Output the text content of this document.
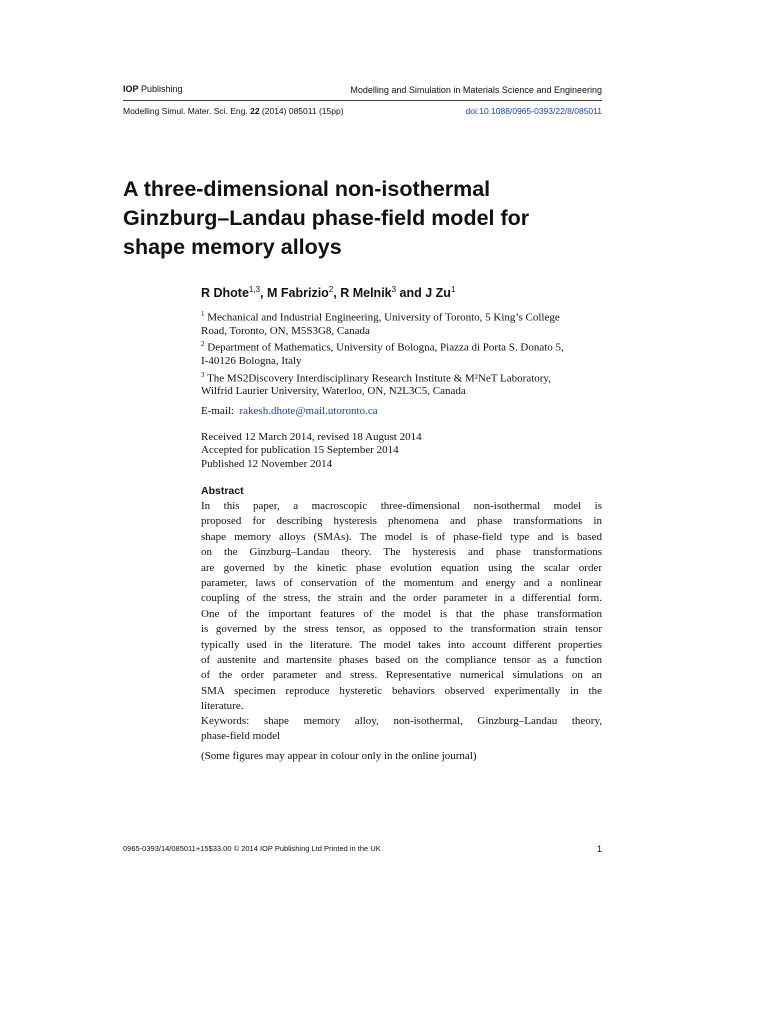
IOP Publishing	Modelling and Simulation in Materials Science and Engineering
Modelling Simul. Mater. Sci. Eng. 22 (2014) 085011 (15pp)	doi:10.1088/0965-0393/22/8/085011
A three-dimensional non-isothermal
Ginzburg–Landau phase-field model for
shape memory alloys
R Dhote$^{1,3}$, M Fabrizio$^2$, R Melnik$^3$ and J Zu$^1$
$^1$ Mechanical and Industrial Engineering, University of Toronto, 5 King’s College
Road, Toronto, ON, M5S3G8, Canada
$^2$ Department of Mathematics, University of Bologna, Piazza di Porta S. Donato 5,
I-40126 Bologna, Italy
$^3$ The MS2Discovery Interdisciplinary Research Institute & M²NeT Laboratory,
Wilfrid Laurier University, Waterloo, ON, N2L3C5, Canada
E-mail: rakesh.dhote@mail.utoronto.ca
Received 12 March 2014, revised 18 August 2014
Accepted for publication 15 September 2014
Published 12 November 2014
Abstract
In this paper, a macroscopic three-dimensional non-isothermal model is
proposed for describing hysteresis phenomena and phase transformations in
shape memory alloys (SMAs). The model is of phase-field type and is based
on the Ginzburg–Landau theory. The hysteresis and phase transformations
are governed by the kinetic phase evolution equation using the scalar order
parameter, laws of conservation of the momentum and energy and a nonlinear
coupling of the stress, the strain and the order parameter in a differential form.
One of the important features of the model is that the phase transformation
is governed by the stress tensor, as opposed to the transformation strain tensor
typically used in the literature. The model takes into account different properties
of austenite and martensite phases based on the compliance tensor as a function
of the order parameter and stress. Representative numerical simulations on an
SMA specimen reproduce hysteretic behaviors observed experimentally in the
literature.
Keywords: shape memory alloy, non-isothermal, Ginzburg–Landau theory,
phase-field model
(Some figures may appear in colour only in the online journal)
0965-0393/14/085011+15$33.00 © 2014 IOP Publishing Ltd Printed in the UK	1
